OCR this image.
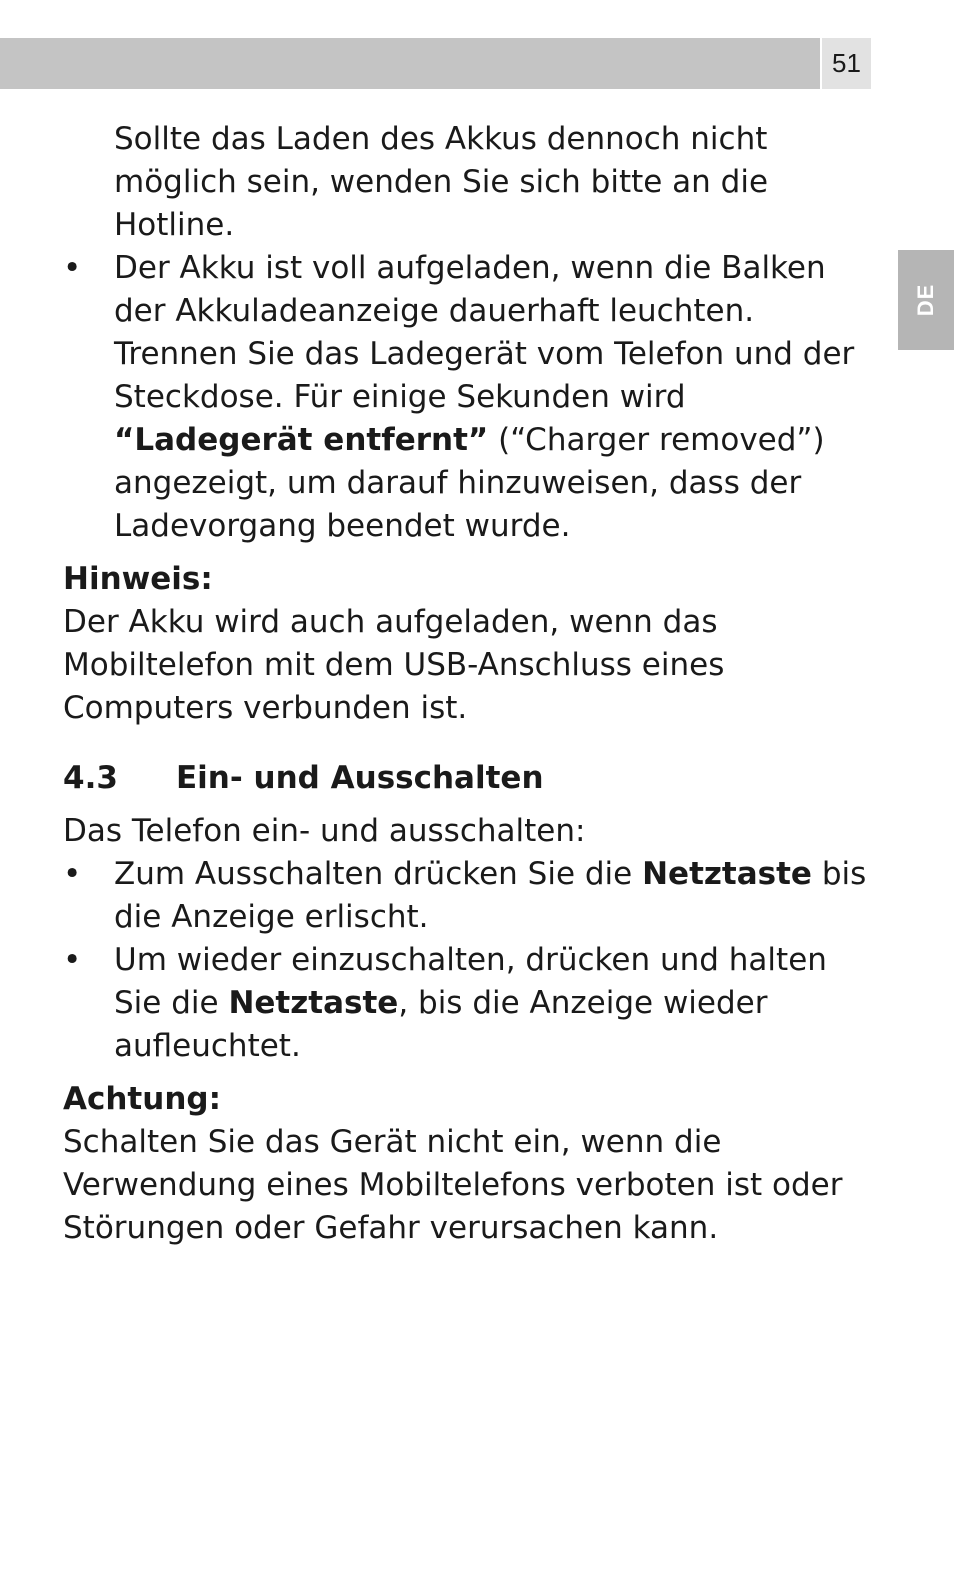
51
DE

Sollte das Laden des Akkus dennoch nicht möglich sein, wenden Sie sich bitte an die Hotline.

• Der Akku ist voll aufgeladen, wenn die Balken der Akkuladeanzeige dauerhaft leuchten. Trennen Sie das Ladegerät vom Telefon und der Steckdose. Für einige Sekunden wird “Ladegerät entfernt” (“Charger removed”) angezeigt, um darauf hinzuweisen, dass der Ladevorgang beendet wurde.

Hinweis:

Der Akku wird auch aufgeladen, wenn das Mobiltelefon mit dem USB-Anschluss eines Computers verbunden ist.

4.3	Ein- und Ausschalten

Das Telefon ein- und ausschalten:

• Zum Ausschalten drücken Sie die Netztaste bis die Anzeige erlischt.
• Um wieder einzuschalten, drücken und halten Sie die Netztaste, bis die Anzeige wieder aufleuchtet.

Achtung:

Schalten Sie das Gerät nicht ein, wenn die Verwendung eines Mobiltelefons verboten ist oder Störungen oder Gefahr verursachen kann.
